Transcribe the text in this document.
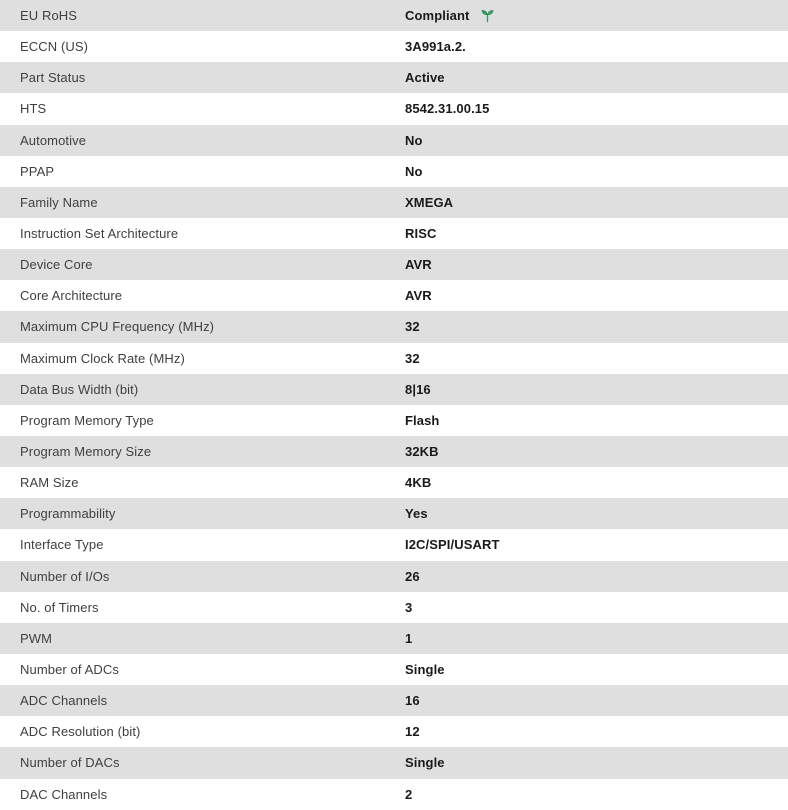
EU RoHS	Compliant
ECCN (US)	3A991a.2.
Part Status	Active
HTS	8542.31.00.15
Automotive	No
PPAP	No
Family Name	XMEGA
Instruction Set Architecture	RISC
Device Core	AVR
Core Architecture	AVR
Maximum CPU Frequency (MHz)	32
Maximum Clock Rate (MHz)	32
Data Bus Width (bit)	8|16
Program Memory Type	Flash
Program Memory Size	32KB
RAM Size	4KB
Programmability	Yes
Interface Type	I2C/SPI/USART
Number of I/Os	26
No. of Timers	3
PWM	1
Number of ADCs	Single
ADC Channels	16
ADC Resolution (bit)	12
Number of DACs	Single
DAC Channels	2
